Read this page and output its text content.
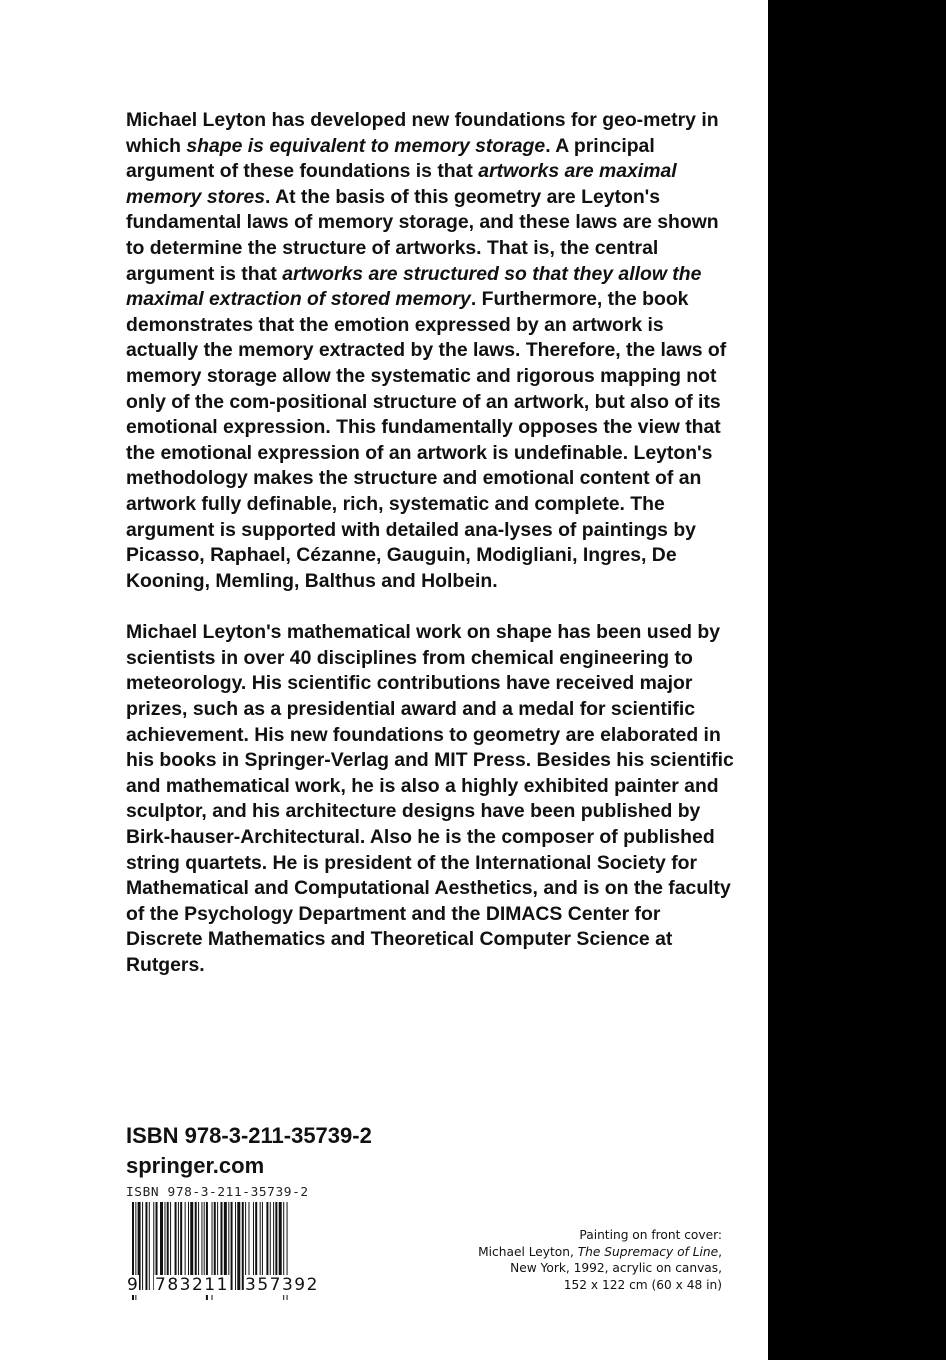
Michael Leyton has developed new foundations for geo-metry in which shape is equivalent to memory storage. A principal argument of these foundations is that artworks are maximal memory stores. At the basis of this geometry are Leyton's fundamental laws of memory storage, and these laws are shown to determine the structure of artworks. That is, the central argument is that artworks are structured so that they allow the maximal extraction of stored memory. Furthermore, the book demonstrates that the emotion expressed by an artwork is actually the memory extracted by the laws. Therefore, the laws of memory storage allow the systematic and rigorous mapping not only of the com-positional structure of an artwork, but also of its emotional expression. This fundamentally opposes the view that the emotional expression of an artwork is undefinable. Leyton's methodology makes the structure and emotional content of an artwork fully definable, rich, systematic and complete. The argument is supported with detailed ana-lyses of paintings by Picasso, Raphael, Cézanne, Gauguin, Modigliani, Ingres, De Kooning, Memling, Balthus and Holbein.

Michael Leyton's mathematical work on shape has been used by scientists in over 40 disciplines from chemical engineering to meteorology. His scientific contributions have received major prizes, such as a presidential award and a medal for scientific achievement. His new foundations to geometry are elaborated in his books in Springer-Verlag and MIT Press. Besides his scientific and mathematical work, he is also a highly exhibited painter and sculptor, and his architecture designs have been published by Birk-hauser-Architectural. Also he is the composer of published string quartets. He is president of the International Society for Mathematical and Computational Aesthetics, and is on the faculty of the Psychology Department and the DIMACS Center for Discrete Mathematics and Theoretical Computer Science at Rutgers.

ISBN 978-3-211-35739-2

springer.com

ISBN 978-3-211-35739-2
9 783211 357392

Painting on front cover:

Michael Leyton, The Supremacy of Line,

New York, 1992, acrylic on canvas,

152 x 122 cm (60 x 48 in)
